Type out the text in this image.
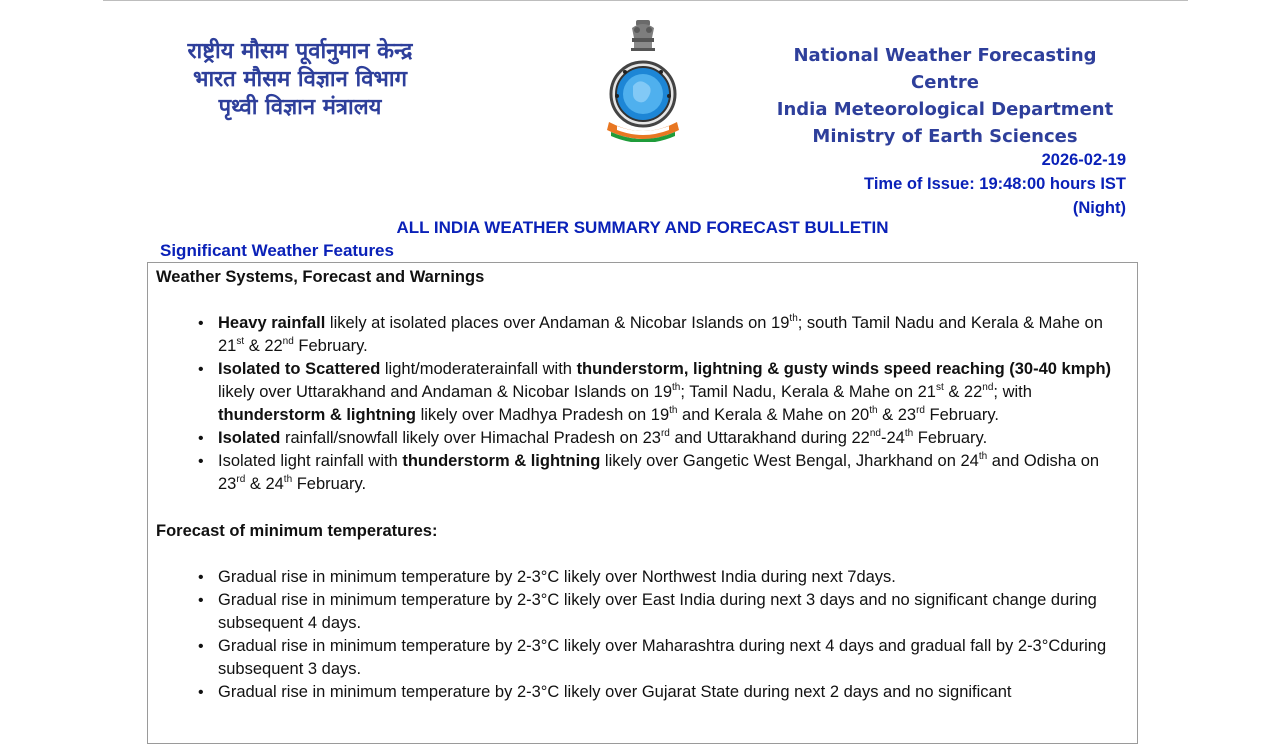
राष्ट्रीय मौसम पूर्वानुमान केन्द्र
भारत मौसम विज्ञान विभाग
पृथ्वी विज्ञान मंत्रालय
National Weather Forecasting Centre
India Meteorological Department
Ministry of Earth Sciences
2026-02-19
Time of Issue: 19:48:00 hours IST
(Night)
ALL INDIA WEATHER SUMMARY AND FORECAST BULLETIN
Significant Weather Features
Weather Systems, Forecast and Warnings
• Heavy rainfall likely at isolated places over Andaman & Nicobar Islands on 19th; south Tamil Nadu and Kerala & Mahe on 21st & 22nd February.
• Isolated to Scattered light/moderaterainfall with thunderstorm, lightning & gusty winds speed reaching (30-40 kmph) likely over Uttarakhand and Andaman & Nicobar Islands on 19th; Tamil Nadu, Kerala & Mahe on 21st & 22nd; with thunderstorm & lightning likely over Madhya Pradesh on 19th and Kerala & Mahe on 20th & 23rd February.
• Isolated rainfall/snowfall likely over Himachal Pradesh on 23rd and Uttarakhand during 22nd-24th February.
• Isolated light rainfall with thunderstorm & lightning likely over Gangetic West Bengal, Jharkhand on 24th and Odisha on 23rd & 24th February.
Forecast of minimum temperatures:
• Gradual rise in minimum temperature by 2-3°C likely over Northwest India during next 7days.
• Gradual rise in minimum temperature by 2-3°C likely over East India during next 3 days and no significant change during subsequent 4 days.
• Gradual rise in minimum temperature by 2-3°C likely over Maharashtra during next 4 days and gradual fall by 2-3°Cduring subsequent 3 days.
• Gradual rise in minimum temperature by 2-3°C likely over Gujarat State during next 2 days and no significant
